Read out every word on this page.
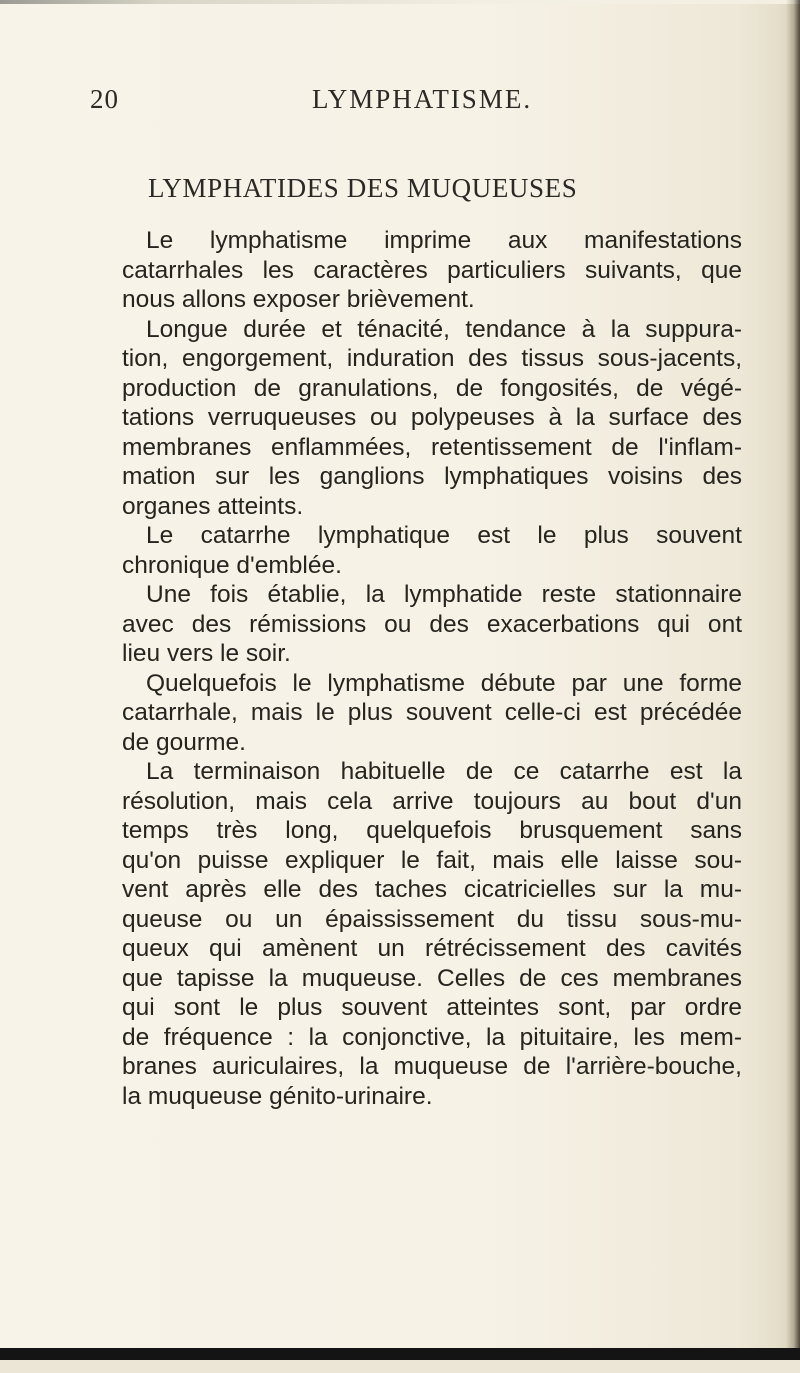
20	LYMPHATISME.
LYMPHATIDES DES MUQUEUSES
Le lymphatisme imprime aux manifestations
catarrhales les caractères particuliers suivants, que
nous allons exposer brièvement.
Longue durée et ténacité, tendance à la suppura-
tion, engorgement, induration des tissus sous-jacents,
production de granulations, de fongosités, de végé-
tations verruqueuses ou polypeuses à la surface des
membranes enflammées, retentissement de l'inflam-
mation sur les ganglions lymphatiques voisins des
organes atteints.
Le catarrhe lymphatique est le plus souvent
chronique d'emblée.
Une fois établie, la lymphatide reste stationnaire
avec des rémissions ou des exacerbations qui ont
lieu vers le soir.
Quelquefois le lymphatisme débute par une forme
catarrhale, mais le plus souvent celle-ci est précédée
de gourme.
La terminaison habituelle de ce catarrhe est la
résolution, mais cela arrive toujours au bout d'un
temps très long, quelquefois brusquement sans
qu'on puisse expliquer le fait, mais elle laisse sou-
vent après elle des taches cicatricielles sur la mu-
queuse ou un épaississement du tissu sous-mu-
queux qui amènent un rétrécissement des cavités
que tapisse la muqueuse. Celles de ces membranes
qui sont le plus souvent atteintes sont, par ordre
de fréquence : la conjonctive, la pituitaire, les mem-
branes auriculaires, la muqueuse de l'arrière-bouche,
la muqueuse génito-urinaire.
